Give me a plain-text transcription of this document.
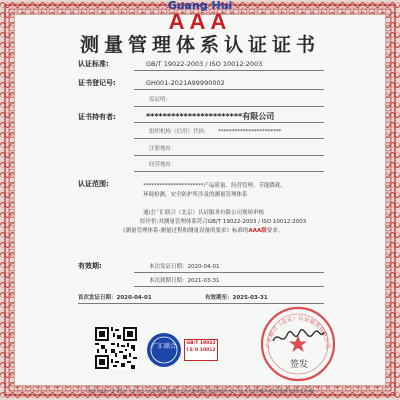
Guang Hui
AAA
测量管理体系认证证书
认证标准:	GB/T 19022-2003 / ISO 10012:2003
证书登记号:	GH001-2021A99990002
监证明:
证书持有者:	***********************有限公司
组织机构（信用）代码： ***********************
注册地址：
经营地址：
认证范围:	**********************产品质量、经营管理、节能降耗、
环境检测、安全防护所涉及的测量管理体系
通过广汇联合（北京）认证服务有限公司现场审核
经评价:其测量管理体系符合GB/T 19022-2003 / ISO 10012:2003
《测量管理体系-测量过程和测量设备的要求》标准的AAA级要求。
有效期:	本次发证日期：2020-04-01
本次到期日期：2021-03-31
首次发证日期：2020-04-01	有效期至：2025-03-31
广汇联合	GB/T 19022
I S O 10012
广汇联合（北京）认证服务有限公司
签发
本证书由广汇联合（北京）认证服务有限公司注册颁发,获证组织应于证书有效期内接受监督审核并更换
